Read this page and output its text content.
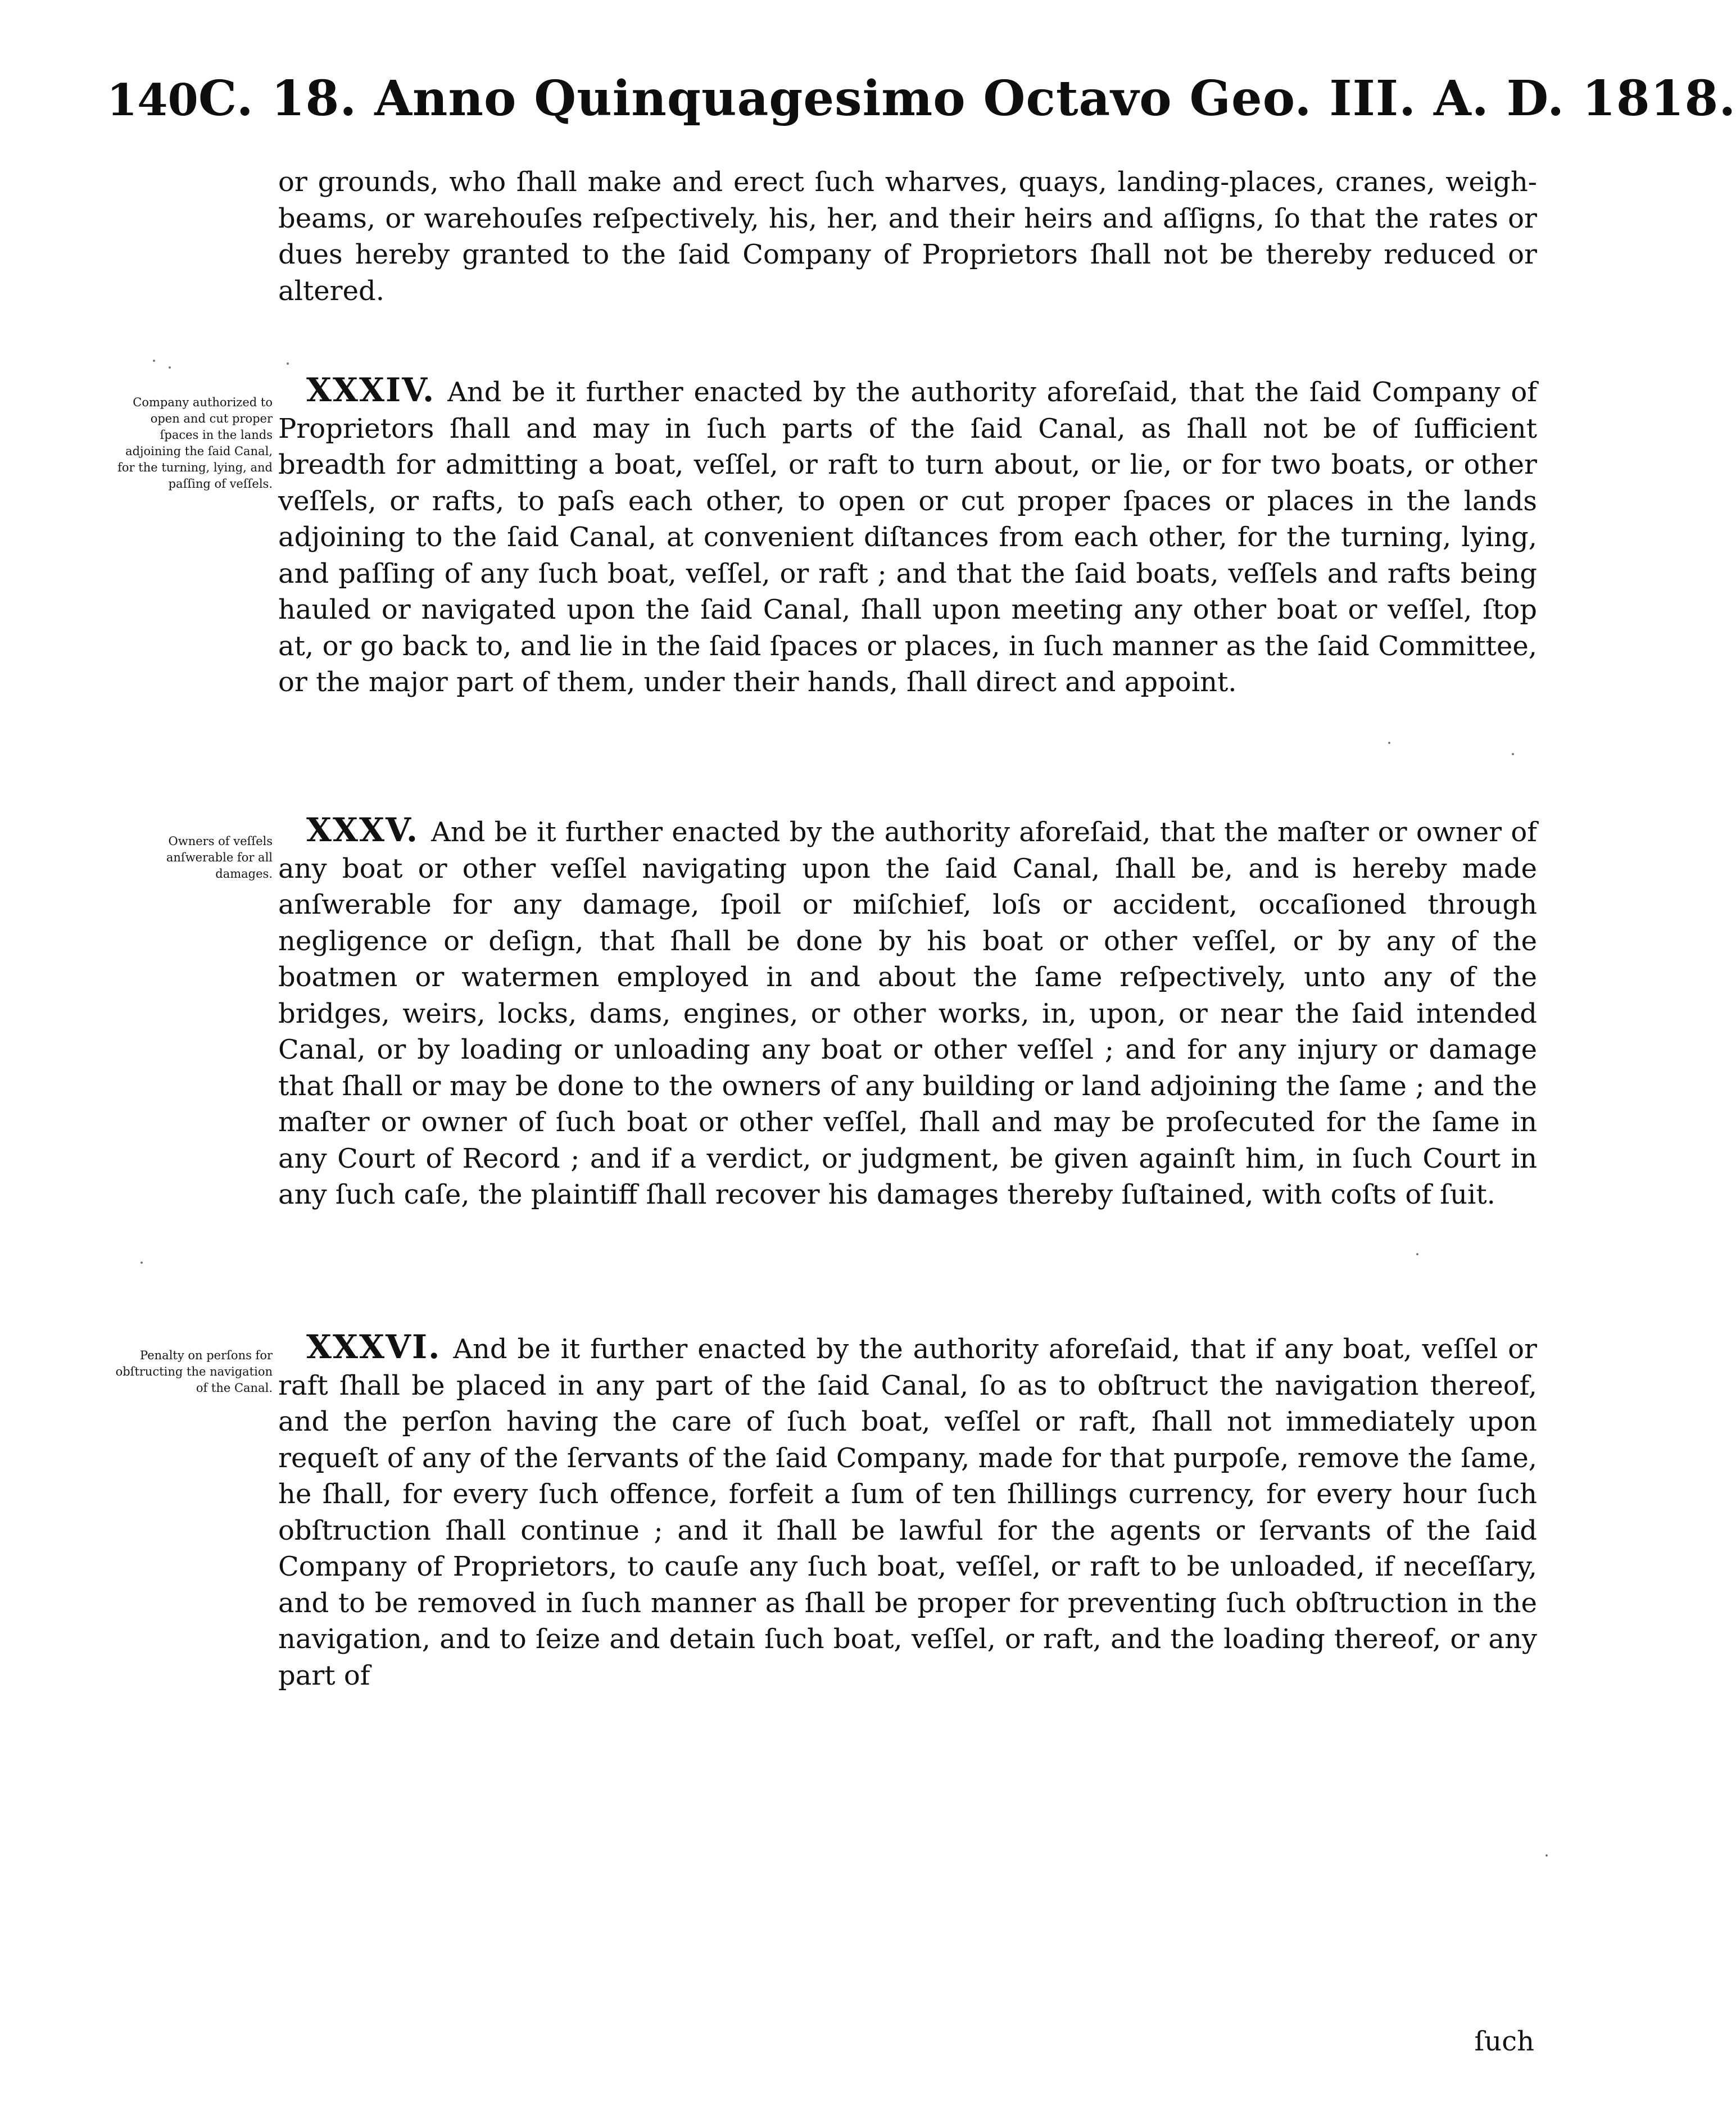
140 C. 18. Anno Quinquagesimo Octavo Geo. III. A. D. 1818.

or grounds, who ſhall make and erect ſuch wharves, quays, landing-places, cranes, weigh-beams, or warehouſes reſpectively, his, her, and their heirs and aſſigns, ſo that the rates or dues hereby granted to the ſaid Company of Proprietors ſhall not be thereby reduced or altered.

Company authorized to open and cut proper ſpaces in the lands adjoining the ſaid Canal, for the turning, lying, and paſſing of veſſels.

XXXIV. And be it further enacted by the authority aforeſaid, that the ſaid Company of Proprietors ſhall and may in ſuch parts of the ſaid Canal, as ſhall not be of ſufficient breadth for admitting a boat, veſſel, or raft to turn about, or lie, or for two boats, or other veſſels, or rafts, to paſs each other, to open or cut proper ſpaces or places in the lands adjoining to the ſaid Canal, at convenient diſtances from each other, for the turning, lying, and paſſing of any ſuch boat, veſſel, or raft ; and that the ſaid boats, veſſels and rafts being hauled or navigated upon the ſaid Canal, ſhall upon meeting any other boat or veſſel, ſtop at, or go back to, and lie in the ſaid ſpaces or places, in ſuch manner as the ſaid Committee, or the major part of them, under their hands, ſhall direct and appoint.

Owners of veſſels anſwerable for all damages.

XXXV. And be it further enacted by the authority aforeſaid, that the maſter or owner of any boat or other veſſel navigating upon the ſaid Canal, ſhall be, and is hereby made anſwerable for any damage, ſpoil or miſchief, loſs or accident, occaſioned through negligence or deſign, that ſhall be done by his boat or other veſſel, or by any of the boatmen or watermen employed in and about the ſame reſpectively, unto any of the bridges, weirs, locks, dams, engines, or other works, in, upon, or near the ſaid intended Canal, or by loading or unloading any boat or other veſſel ; and for any injury or damage that ſhall or may be done to the owners of any building or land adjoining the ſame ; and the maſter or owner of ſuch boat or other veſſel, ſhall and may be proſecuted for the ſame in any Court of Record ; and if a verdict, or judgment, be given againſt him, in ſuch Court in any ſuch caſe, the plaintiff ſhall recover his damages thereby ſuſtained, with coſts of ſuit.

Penalty on perſons for obſtructing the navigation of the Canal.

XXXVI. And be it further enacted by the authority aforeſaid, that if any boat, veſſel or raft ſhall be placed in any part of the ſaid Canal, ſo as to obſtruct the navigation thereof, and the perſon having the care of ſuch boat, veſſel or raft, ſhall not immediately upon requeſt of any of the ſervants of the ſaid Company, made for that purpoſe, remove the ſame, he ſhall, for every ſuch offence, forfeit a ſum of ten ſhillings currency, for every hour ſuch obſtruction ſhall continue ; and it ſhall be lawful for the agents or ſervants of the ſaid Company of Proprietors, to cauſe any ſuch boat, veſſel, or raft to be unloaded, if neceſſary, and to be removed in ſuch manner as ſhall be proper for preventing ſuch obſtruction in the navigation, and to ſeize and detain ſuch boat, veſſel, or raft, and the loading thereof, or any part of

ſuch
